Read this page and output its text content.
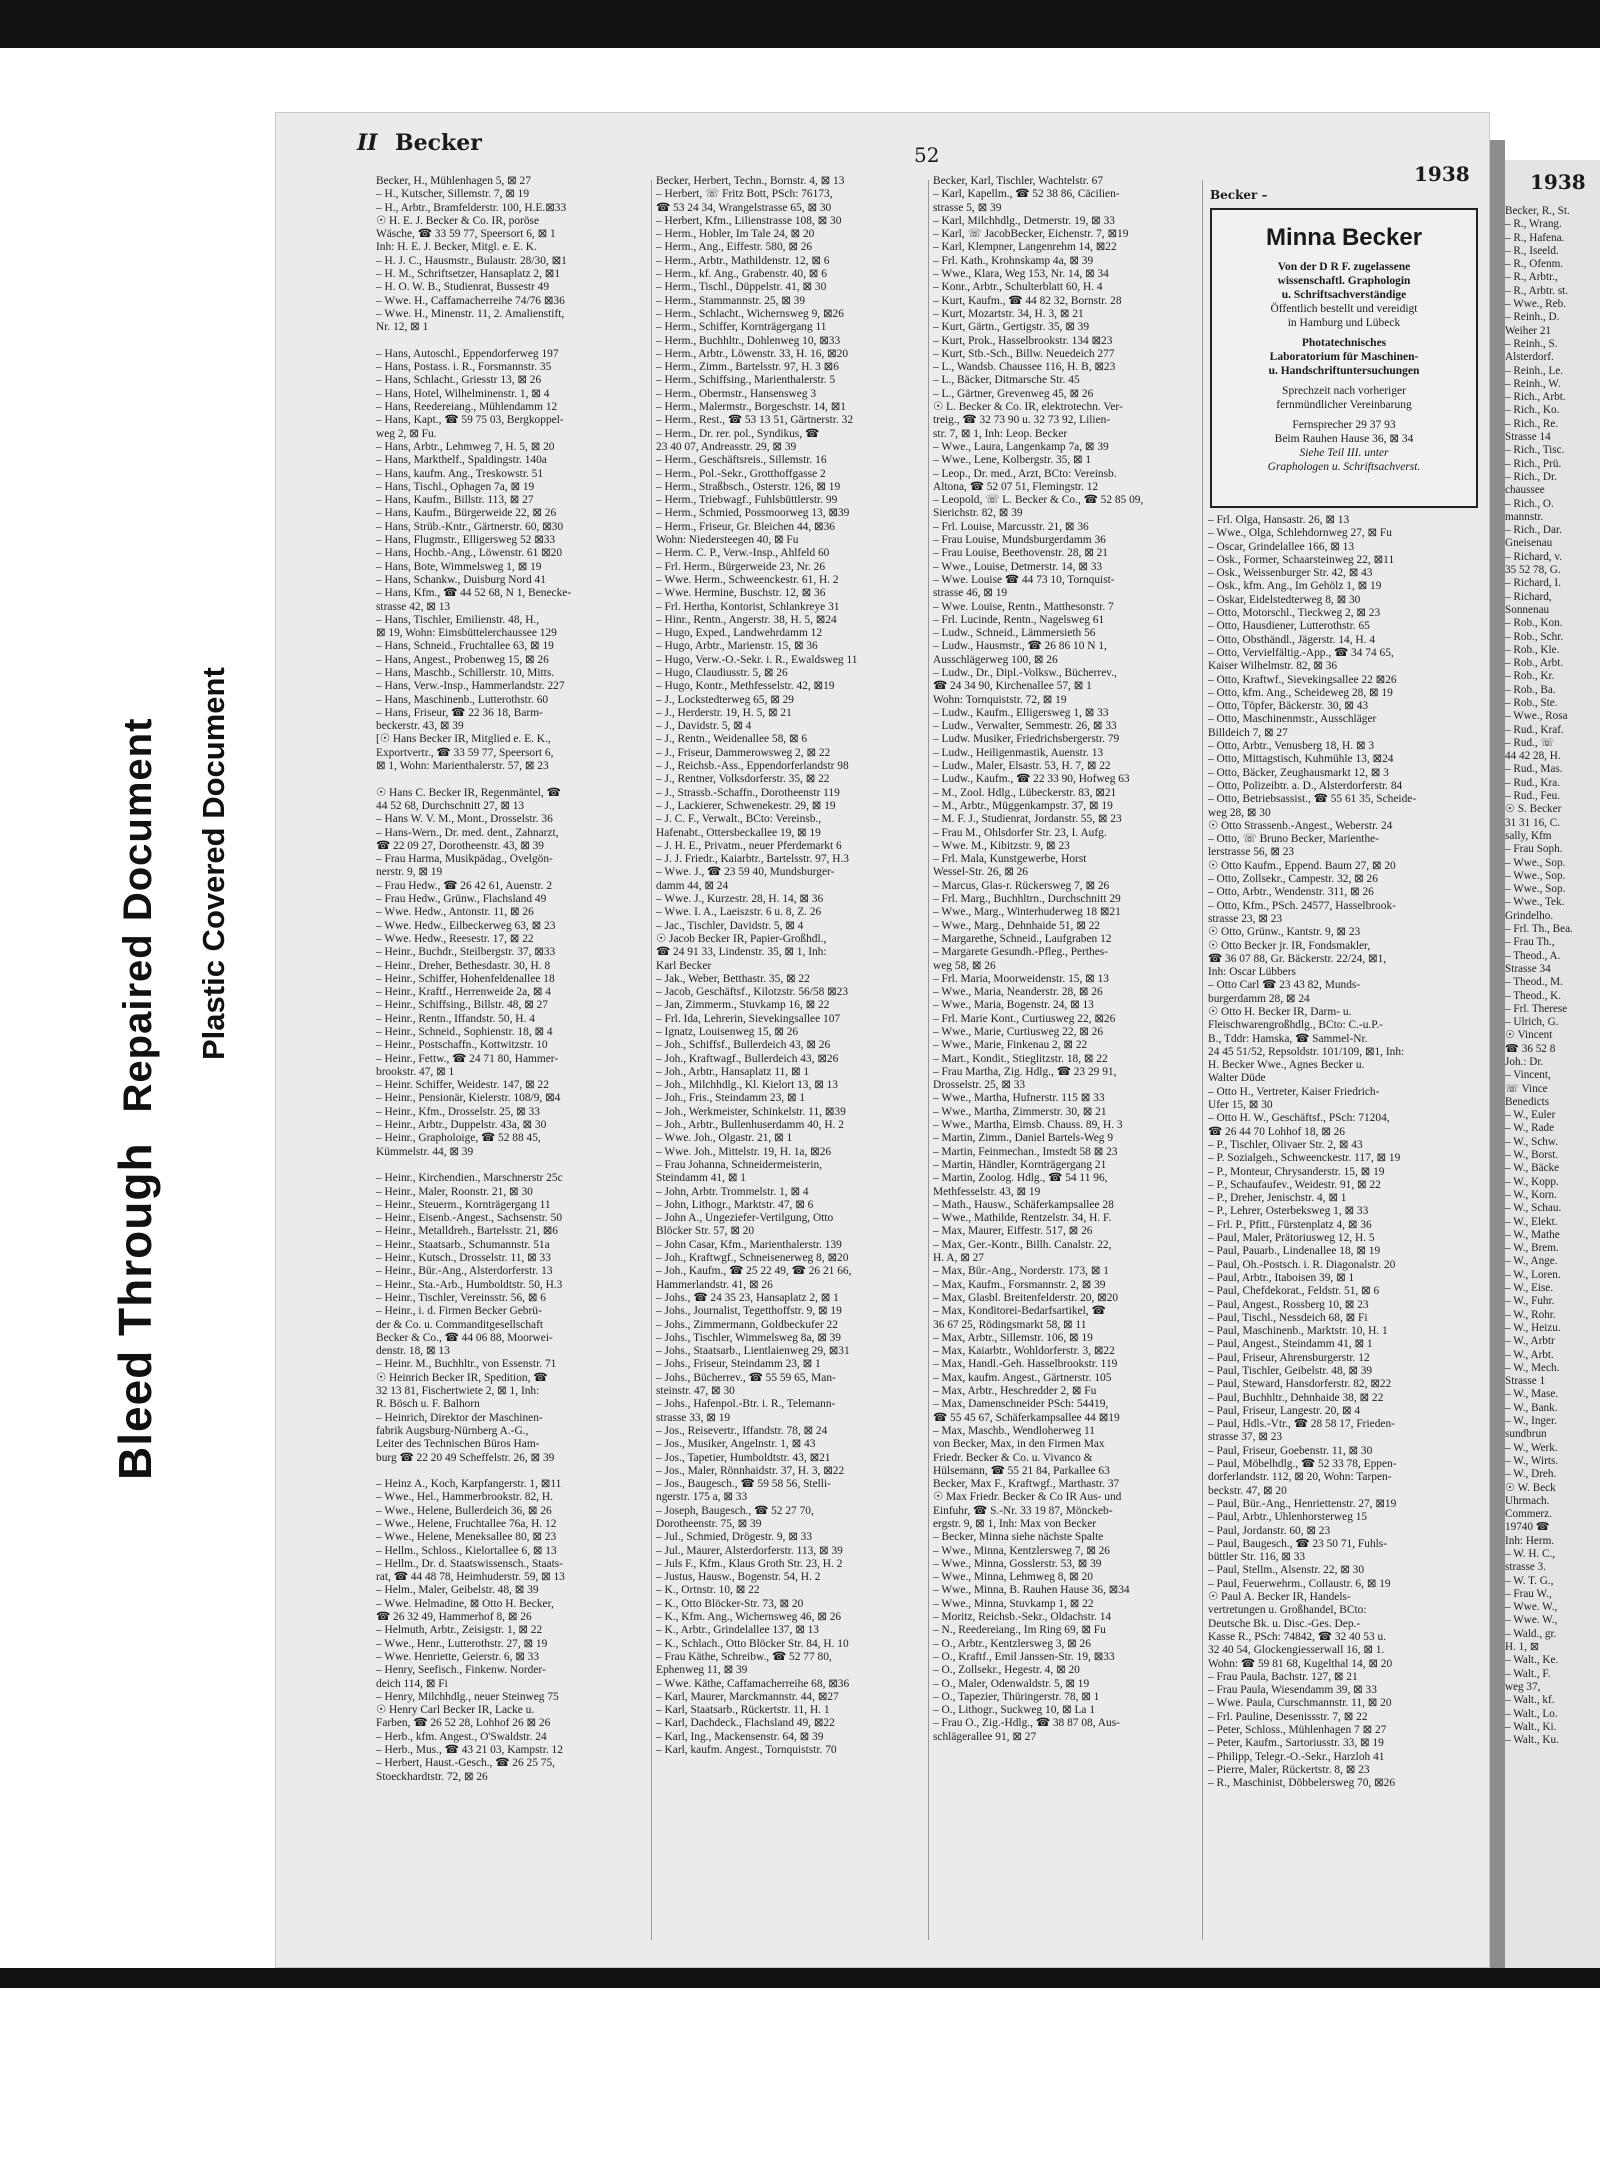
Bleed ThroughRepaired Document Plastic Covered Document
II Becker	52
1938	1938
Becker, H., Mühlenhagen 5, ⊠ 27
– H., Kutscher, Sillemstr. 7, ⊠ 19
– H., Arbtr., Bramfelderstr. 100, H.E.⊠33
☉ H. E. J. Becker & Co. IR, poröse
Wäsche, ☎ 33 59 77, Speersort 6, ⊠ 1
Inh: H. E. J. Becker, Mitgl. e. E. K.
– H. J. C., Hausmstr., Bulaustr. 28/30, ⊠1
– H. M., Schriftsetzer, Hansaplatz 2, ⊠1
– H. O. W. B., Studienrat, Bussestr 49
– Wwe. H., Caffamacherreihe 74/76 ⊠36
– Wwe. H., Minenstr. 11, 2. Amalienstift,
Nr. 12, ⊠ 1

– Hans, Autoschl., Eppendorferweg 197
– Hans, Postass. i. R., Forsmannstr. 35
– Hans, Schlacht., Griesstr 13, ⊠ 26
– Hans, Hotel, Wilhelminenstr. 1, ⊠ 4
– Hans, Reedereiang., Mühlendamm 12
– Hans, Kapt., ☎ 59 75 03, Bergkoppel-
weg 2, ⊠ Fu.
– Hans, Arbtr., Lehmweg 7, H. 5, ⊠ 20
– Hans, Markthelf., Spaldingstr. 140a
– Hans, kaufm. Ang., Treskowstr. 51
– Hans, Tischl., Ophagen 7a, ⊠ 19
– Hans, Kaufm., Billstr. 113, ⊠ 27
– Hans, Kaufm., Bürgerweide 22, ⊠ 26
– Hans, Strüb.-Kntr., Gärtnerstr. 60, ⊠30
– Hans, Flugmstr., Elligersweg 52 ⊠33
– Hans, Hochb.-Ang., Löwenstr. 61 ⊠20
– Hans, Bote, Wimmelsweg 1, ⊠ 19
– Hans, Schankw., Duisburg Nord 41
– Hans, Kfm., ☎ 44 52 68, N 1, Benecke-
strasse 42, ⊠ 13
– Hans, Tischler, Emilienstr. 48, H.,
⊠ 19, Wohn: Eimsbüttelerchaussee 129
– Hans, Schneid., Fruchtallee 63, ⊠ 19
– Hans, Angest., Probenweg 15, ⊠ 26
– Hans, Maschb., Schillerstr. 10, Mitts.
– Hans, Verw.-Insp., Hammerlandstr. 227
– Hans, Maschinenb., Lutterothstr. 60
– Hans, Friseur, ☎ 22 36 18, Barm-
beckerstr. 43, ⊠ 39
[☉ Hans Becker IR, Mitglied e. E. K.,
Exportvertr., ☎ 33 59 77, Speersort 6,
⊠ 1, Wohn: Marienthalerstr. 57, ⊠ 23

☉ Hans C. Becker IR, Regenmäntel, ☎
44 52 68, Durchschnitt 27, ⊠ 13
– Hans W. V. M., Mont., Drosselstr. 36
– Hans-Wern., Dr. med. dent., Zahnarzt,
☎ 22 09 27, Dorotheenstr. 43, ⊠ 39
– Frau Harma, Musikpädag., Övelgön-
nerstr. 9, ⊠ 19
– Frau Hedw., ☎ 26 42 61, Auenstr. 2
– Frau Hedw., Grünw., Flachsland 49
– Wwe. Hedw., Antonstr. 11, ⊠ 26
– Wwe. Hedw., Eilbeckerweg 63, ⊠ 23
– Wwe. Hedw., Reesestr. 17, ⊠ 22
– Heinr., Buchdr., Steilbergstr. 37, ⊠33
– Heinr., Dreher, Bethesdastr. 30, H. 8
– Heinr., Schiffer, Hohenfeldenallee 18
– Heinr., Kraftf., Herrenweide 2a, ⊠ 4
– Heinr., Schiffsing., Billstr. 48, ⊠ 27
– Heinr., Rentn., Iffandstr. 50, H. 4
– Heinr., Schneid., Sophienstr. 18, ⊠ 4
– Heinr., Postschaffn., Kottwitzstr. 10
– Heinr., Fettw., ☎ 24 71 80, Hammer-
brookstr. 47, ⊠ 1
– Heinr. Schiffer, Weidestr. 147, ⊠ 22
– Heinr., Pensionär, Kielerstr. 108/9, ⊠4
– Heinr., Kfm., Drosselstr. 25, ⊠ 33
– Heinr., Arbtr., Duppelstr. 43a, ⊠ 30
– Heinr., Grapholoige, ☎ 52 88 45,
Kümmelstr. 44, ⊠ 39

– Heinr., Kirchendien., Marschnerstr 25c
– Heinr., Maler, Roonstr. 21, ⊠ 30
– Heinr., Steuerm., Kornträgergang 11
– Heinr., Eisenb.-Angest., Sachsenstr. 50
– Heinr., Metalldreh., Bartelsstr. 21, ⊠6
– Heinr., Staatsarb., Schumannstr. 51a
– Heinr., Kutsch., Drosselstr. 11, ⊠ 33
– Heinr., Bür.-Ang., Alsterdorferstr. 13
– Heinr., Sta.-Arb., Humboldtstr. 50, H.3
– Heinr., Tischler, Vereinsstr. 56, ⊠ 6
– Heinr., i. d. Firmen Becker Gebrü-
der & Co. u. Commanditgesellschaft
Becker & Co., ☎ 44 06 88, Moorwei-
denstr. 18, ⊠ 13
– Heinr. M., Buchhltr., von Essenstr. 71
☉ Heinrich Becker IR, Spedition, ☎
32 13 81, Fischertwiete 2, ⊠ 1, Inh:
R. Bösch u. F. Balhorn
– Heinrich, Direktor der Maschinen-
fabrik Augsburg-Nürnberg A.-G.,
Leiter des Technischen Büros Ham-
burg ☎ 22 20 49 Scheffelstr. 26, ⊠ 39

– Heinz A., Koch, Karpfangerstr. 1, ⊠11
– Wwe., Hel., Hammerbrookstr. 82, H.
– Wwe., Helene, Bullerdeich 36, ⊠ 26
– Wwe., Helene, Fruchtallee 76a, H. 12
– Wwe., Helene, Meneksallee 80, ⊠ 23
– Hellm., Schloss., Kielortallee 6, ⊠ 13
– Hellm., Dr. d. Staatswissensch., Staats-
rat, ☎ 44 48 78, Heimhuderstr. 59, ⊠ 13
– Helm., Maler, Geibelstr. 48, ⊠ 39
– Wwe. Helmadine, ⊠ Otto H. Becker,
☎ 26 32 49, Hammerhof 8, ⊠ 26
– Helmuth, Arbtr., Zeisigstr. 1, ⊠ 22
– Wwe., Henr., Lutterothstr. 27, ⊠ 19
– Wwe. Henriette, Geierstr. 6, ⊠ 33
– Henry, Seefisch., Finkenw. Norder-
deich 114, ⊠ Fi
– Henry, Milchhdlg., neuer Steinweg 75
☉ Henry Carl Becker IR, Lacke u.
Farben, ☎ 26 52 28, Lohhof 26 ⊠ 26
– Herb., kfm. Angest., O'Swaldstr. 24
– Herb., Mus., ☎ 43 21 03, Kampstr. 12
– Herbert, Haust.-Gesch., ☎ 26 25 75,
Stoeckhardtstr. 72, ⊠ 26
Becker, Herbert, Techn., Bornstr. 4, ⊠ 13
– Herbert, ☏ Fritz Bott, PSch: 76173,
☎ 53 24 34, Wrangelstrasse 65, ⊠ 30
– Herbert, Kfm., Lilienstrasse 108, ⊠ 30
– Herm., Hobler, Im Tale 24, ⊠ 20
– Herm., Ang., Eiffestr. 580, ⊠ 26
– Herm., Arbtr., Mathildenstr. 12, ⊠ 6
– Herm., kf. Ang., Grabenstr. 40, ⊠ 6
– Herm., Tischl., Düppelstr. 41, ⊠ 30
– Herm., Stammannstr. 25, ⊠ 39
– Herm., Schlacht., Wichernsweg 9, ⊠26
– Herm., Schiffer, Kornträgergang 11
– Herm., Buchhltr., Dohlenweg 10, ⊠33
– Herm., Arbtr., Löwenstr. 33, H. 16, ⊠20
– Herm., Zimm., Bartelsstr. 97, H. 3 ⊠6
– Herm., Schiffsing., Marienthalerstr. 5
– Herm., Obermstr., Hansensweg 3
– Herm., Malermstr., Borgeschstr. 14, ⊠1
– Herm., Rest., ☎ 53 13 51, Gärtnerstr. 32
– Herm., Dr. rer. pol., Syndikus, ☎
23 40 07, Andreasstr. 29, ⊠ 39
– Herm., Geschäftsreis., Sillemstr. 16
– Herm., Pol.-Sekr., Grotthoffgasse 2
– Herm., Straßbsch., Osterstr. 126, ⊠ 19
– Herm., Triebwagf., Fuhlsbüttlerstr. 99
– Herm., Schmied, Possmoorweg 13, ⊠39
– Herm., Friseur, Gr. Bleichen 44, ⊠36
Wohn: Niedersteegen 40, ⊠ Fu
– Herm. C. P., Verw.-Insp., Ahlfeld 60
– Frl. Herm., Bürgerweide 23, Nr. 26
– Wwe. Herm., Schweenckestr. 61, H. 2
– Wwe. Hermine, Buschstr. 12, ⊠ 36
– Frl. Hertha, Kontorist, Schlankreye 31
– Hinr., Rentn., Angerstr. 38, H. 5, ⊠24
– Hugo, Exped., Landwehrdamm 12
– Hugo, Arbtr., Marienstr. 15, ⊠ 36
– Hugo, Verw.-O.-Sekr. i. R., Ewaldsweg 11
– Hugo, Claudiusstr. 5, ⊠ 26
– Hugo, Kontr., Methfesselstr. 42, ⊠19
– J., Lockstedterweg 65, ⊠ 29
– J., Herderstr. 19, H. 5, ⊠ 21
– J., Davidstr. 5, ⊠ 4
– J., Rentn., Weidenallee 58, ⊠ 6
– J., Friseur, Dammerowsweg 2, ⊠ 22
– J., Reichsb.-Ass., Eppendorferlandstr 98
– J., Rentner, Volksdorferstr. 35, ⊠ 22
– J., Strassb.-Schaffn., Dorotheenstr 119
– J., Lackierer, Schwenekestr. 29, ⊠ 19
– J. C. F., Verwalt., BCto: Vereinsb.,
Hafenabt., Ottersbeckallee 19, ⊠ 19
– J. H. E., Privatm., neuer Pferdemarkt 6
– J. J. Friedr., Kaiarbtr., Bartelsstr. 97, H.3
– Wwe. J., ☎ 23 59 40, Mundsburger-
damm 44, ⊠ 24
– Wwe. J., Kurzestr. 28, H. 14, ⊠ 36
– Wwe. I. A., Laeiszstr. 6 u. 8, Z. 26
– Jac., Tischler, Davidstr. 5, ⊠ 4
☉ Jacob Becker IR, Papier-Großhdl.,
☎ 24 91 33, Lindenstr. 35, ⊠ 1, Inh:
Karl Becker
– Jak., Weber, Betthastr. 35, ⊠ 22
– Jacob, Geschäftsf., Kilotzstr. 56/58 ⊠23
– Jan, Zimmerm., Stuvkamp 16, ⊠ 22
– Frl. Ida, Lehrerin, Sievekingsallee 107
– Ignatz, Louisenweg 15, ⊠ 26
– Joh., Schiffsf., Bullerdeich 43, ⊠ 26
– Joh., Kraftwagf., Bullerdeich 43, ⊠26
– Joh., Arbtr., Hansaplatz 11, ⊠ 1
– Joh., Milchhdlg., Kl. Kielort 13, ⊠ 13
– Joh., Fris., Steindamm 23, ⊠ 1
– Joh., Werkmeister, Schinkelstr. 11, ⊠39
– Joh., Arbtr., Bullenhuserdamm 40, H. 2
– Wwe. Joh., Olgastr. 21, ⊠ 1
– Wwe. Joh., Mittelstr. 19, H. 1a, ⊠26
– Frau Johanna, Schneidermeisterin,
Steindamm 41, ⊠ 1
– John, Arbtr. Trommelstr. 1, ⊠ 4
– John, Lithogr., Marktstr. 47, ⊠ 6
– John A., Ungeziefer-Vertilgung, Otto
Blöcker Str. 57, ⊠ 20
– John Casar, Kfm., Marienthalerstr. 139
– Joh., Kraftwgf., Schneisenerweg 8, ⊠20
– Joh., Kaufm., ☎ 25 22 49, ☎ 26 21 66,
Hammerlandstr. 41, ⊠ 26
– Johs., ☎ 24 35 23, Hansaplatz 2, ⊠ 1
– Johs., Journalist, Tegetthoffstr. 9, ⊠ 19
– Johs., Zimmermann, Goldbeckufer 22
– Johs., Tischler, Wimmelsweg 8a, ⊠ 39
– Johs., Staatsarb., Lientlaienweg 29, ⊠31
– Johs., Friseur, Steindamm 23, ⊠ 1
– Johs., Bücherrev., ☎ 55 59 65, Man-
steinstr. 47, ⊠ 30
– Johs., Hafenpol.-Btr. i. R., Telemann-
strasse 33, ⊠ 19
– Jos., Reisevertr., Iffandstr. 78, ⊠ 24
– Jos., Musiker, Angelnstr. 1, ⊠ 43
– Jos., Tapetier, Humboldtstr. 43, ⊠21
– Jos., Maler, Rönnhaidstr. 37, H. 3, ⊠22
– Jos., Baugesch., ☎ 59 58 56, Stelli-
ngerstr. 175 a, ⊠ 33
– Joseph, Baugesch., ☎ 52 27 70,
Dorotheenstr. 75, ⊠ 39
– Jul., Schmied, Drögestr. 9, ⊠ 33
– Jul., Maurer, Alsterdorferstr. 113, ⊠ 39
– Juls F., Kfm., Klaus Groth Str. 23, H. 2
– Justus, Hausw., Bogenstr. 54, H. 2
– K., Ortnstr. 10, ⊠ 22
– K., Otto Blöcker-Str. 73, ⊠ 20
– K., Kfm. Ang., Wichernsweg 46, ⊠ 26
– K., Arbtr., Grindelallee 137, ⊠ 13
– K., Schlach., Otto Blöcker Str. 84, H. 10
– Frau Käthe, Schreibw., ☎ 52 77 80,
Ephenweg 11, ⊠ 39
– Wwe. Käthe, Caffamacherreihe 68, ⊠36
– Karl, Maurer, Marckmannstr. 44, ⊠27
– Karl, Staatsarb., Rückertstr. 11, H. 1
– Karl, Dachdeck., Flachsland 49, ⊠22
– Karl, Ing., Mackensenstr. 64, ⊠ 39
– Karl, kaufm. Angest., Tornquiststr. 70
Becker, Karl, Tischler, Wachtelstr. 67
– Karl, Kapellm., ☎ 52 38 86, Cäcilien-
strasse 5, ⊠ 39
– Karl, Milchhdlg., Detmerstr. 19, ⊠ 33
– Karl, ☏ JacobBecker, Eichenstr. 7, ⊠19
– Karl, Klempner, Langenrehm 14, ⊠22
– Frl. Kath., Krohnskamp 4a, ⊠ 39
– Wwe., Klara, Weg 153, Nr. 14, ⊠ 34
– Konr., Arbtr., Schulterblatt 60, H. 4
– Kurt, Kaufm., ☎ 44 82 32, Bornstr. 28
– Kurt, Mozartstr. 34, H. 3, ⊠ 21
– Kurt, Gärtn., Gertigstr. 35, ⊠ 39
– Kurt, Prok., Hasselbrookstr. 134 ⊠23
– Kurt, Stb.-Sch., Billw. Neuedeich 277
– L., Wandsb. Chaussee 116, H. B, ⊠23
– L., Bäcker, Ditmarsche Str. 45
– L., Gärtner, Grevenweg 45, ⊠ 26
☉ L. Becker & Co. IR, elektrotechn. Ver-
treig., ☎ 32 73 90 u. 32 73 92, Lilien-
str. 7, ⊠ 1, Inh: Leop. Becker
– Wwe., Laura, Langenkamp 7a, ⊠ 39
– Wwe., Lene, Kolbergstr. 35, ⊠ 1
– Leop., Dr. med., Arzt, BCto: Vereinsb.
Altona, ☎ 52 07 51, Flemingstr. 12
– Leopold, ☏ L. Becker & Co., ☎ 52 85 09,
Sierichstr. 82, ⊠ 39
– Frl. Louise, Marcusstr. 21, ⊠ 36
– Frau Louise, Mundsburgerdamm 36
– Frau Louise, Beethovenstr. 28, ⊠ 21
– Wwe., Louise, Detmerstr. 14, ⊠ 33
– Wwe. Louise ☎ 44 73 10, Tornquist-
strasse 46, ⊠ 19
– Wwe. Louise, Rentn., Matthesonstr. 7
– Frl. Lucinde, Rentn., Nagelsweg 61
– Ludw., Schneid., Lämmersieth 56
– Ludw., Hausmstr., ☎ 26 86 10 N 1,
Ausschlägerweg 100, ⊠ 26
– Ludw., Dr., Dipl.-Volksw., Bücherrev.,
☎ 24 34 90, Kirchenallee 57, ⊠ 1
Wohn: Tornquiststr. 72, ⊠ 19
– Ludw., Kaufm., Elligersweg 1, ⊠ 33
– Ludw., Verwalter, Semmestr. 26, ⊠ 33
– Ludw. Musiker, Friedrichsbergerstr. 79
– Ludw., Heiligenmastik, Auenstr. 13
– Ludw., Maler, Elsastr. 53, H. 7, ⊠ 22
– Ludw., Kaufm., ☎ 22 33 90, Hofweg 63
– M., Zool. Hdlg., Lübeckerstr. 83, ⊠21
– M., Arbtr., Müggenkampstr. 37, ⊠ 19
– M. F. J., Studienrat, Jordanstr. 55, ⊠ 23
– Frau M., Ohlsdorfer Str. 23, I. Aufg.
– Wwe. M., Kibitzstr. 9, ⊠ 23
– Frl. Mala, Kunstgewerbe, Horst
Wessel-Str. 26, ⊠ 26
– Marcus, Glas-r. Rückersweg 7, ⊠ 26
– Frl. Marg., Buchhltrn., Durchschnitt 29
– Wwe., Marg., Winterhuderweg 18 ⊠21
– Wwe., Marg., Dehnhaide 51, ⊠ 22
– Margarethe, Schneid., Laufgraben 12
– Margarete Gesundh.-Pfleg., Perthes-
weg 58, ⊠ 26
– Frl. Maria, Moorweidenstr. 15, ⊠ 13
– Wwe., Maria, Neanderstr. 28, ⊠ 26
– Wwe., Maria, Bogenstr. 24, ⊠ 13
– Frl. Marie Kont., Curtiusweg 22, ⊠26
– Wwe., Marie, Curtiusweg 22, ⊠ 26
– Wwe., Marie, Finkenau 2, ⊠ 22
– Mart., Kondit., Stieglitzstr. 18, ⊠ 22
– Frau Martha, Zig. Hdlg., ☎ 23 29 91,
Drosselstr. 25, ⊠ 33
– Wwe., Martha, Hufnerstr. 115 ⊠ 33
– Wwe., Martha, Zimmerstr. 30, ⊠ 21
– Wwe., Martha, Eimsb. Chauss. 89, H. 3
– Martin, Zimm., Daniel Bartels-Weg 9
– Martin, Feinmechan., Imstedt 58 ⊠ 23
– Martin, Händler, Kornträgergang 21
– Martin, Zoolog. Hdlg., ☎ 54 11 96,
Methfesselstr. 43, ⊠ 19
– Math., Hausw., Schäferkampsallee 28
– Wwe., Mathilde, Rentzelstr. 34, H. F.
– Max, Maurer, Eiffestr. 517, ⊠ 26
– Max, Ger.-Kontr., Billh. Canalstr. 22,
H. A, ⊠ 27
– Max, Bür.-Ang., Norderstr. 173, ⊠ 1
– Max, Kaufm., Forsmannstr. 2, ⊠ 39
– Max, Glasbl. Breitenfelderstr. 20, ⊠20
– Max, Konditorei-Bedarfsartikel, ☎
36 67 25, Rödingsmarkt 58, ⊠ 11
– Max, Arbtr., Sillemstr. 106, ⊠ 19
– Max, Kaiarbtr., Wohldorferstr. 3, ⊠22
– Max, Handl.-Geh. Hasselbrookstr. 119
– Max, kaufm. Angest., Gärtnerstr. 105
– Max, Arbtr., Heschredder 2, ⊠ Fu
– Max, Damenschneider PSch: 54419,
☎ 55 45 67, Schäferkampsallee 44 ⊠19
– Max, Maschb., Wendloherweg 11
von Becker, Max, in den Firmen Max
Friedr. Becker & Co. u. Vivanco &
Hülsemann, ☎ 55 21 84, Parkallee 63
Becker, Max F., Kraftwgf., Marthastr. 37
☉ Max Friedr. Becker & Co IR Aus- und
Einfuhr, ☎ S.-Nr. 33 19 87, Mönckeb-
ergstr. 9, ⊠ 1, Inh: Max von Becker
– Becker, Minna siehe nächste Spalte
– Wwe., Minna, Kentzlersweg 7, ⊠ 26
– Wwe., Minna, Gosslerstr. 53, ⊠ 39
– Wwe., Minna, Lehmweg 8, ⊠ 20
– Wwe., Minna, B. Rauhen Hause 36, ⊠34
– Wwe., Minna, Stuvkamp 1, ⊠ 22
– Moritz, Reichsb.-Sekr., Oldachstr. 14
– N., Reedereiang., Im Ring 69, ⊠ Fu
– O., Arbtr., Kentzlersweg 3, ⊠ 26
– O., Kraftf., Emil Janssen-Str. 19, ⊠33
– O., Zollsekr., Hegestr. 4, ⊠ 20
– O., Maler, Odenwaldstr. 5, ⊠ 19
– O., Tapezier, Thüringerstr. 78, ⊠ 1
– O., Lithogr., Suckweg 10, ⊠ La 1
– Frau O., Zig.-Hdlg., ☎ 38 87 08, Aus-
schlägerallee 91, ⊠ 27
Becker –
Minna Becker
Von der D R F. zugelassene
wissenschaftl. Graphologin
u. Schriftsachverständige
Öffentlich bestellt und vereidigt
in Hamburg und Lübeck
Photatechnisches
Laboratorium für Maschinen-
u. Handschriftuntersuchungen
Sprechzeit nach vorheriger
fernmündlicher Vereinbarung
Fernsprecher 29 37 93
Beim Rauhen Hause 36, ⊠ 34
Siehe Teil III. unter
Graphologen u. Schriftsachverst.
– Frl. Olga, Hansastr. 26, ⊠ 13
– Wwe., Olga, Schlehdornweg 27, ⊠ Fu
– Oscar, Grindelallee 166, ⊠ 13
– Osk., Former, Schaarsteinweg 22, ⊠11
– Osk., Weissenburger Str. 42, ⊠ 43
– Osk., kfm. Ang., Im Gehölz 1, ⊠ 19
– Oskar, Eidelstedterweg 8, ⊠ 30
– Otto, Motorschl., Tieckweg 2, ⊠ 23
– Otto, Hausdiener, Lutterothstr. 65
– Otto, Obsthändl., Jägerstr. 14, H. 4
– Otto, Vervielfältig.-App., ☎ 34 74 65,
Kaiser Wilhelmstr. 82, ⊠ 36
– Otto, Kraftwf., Sievekingsallee 22 ⊠26
– Otto, kfm. Ang., Scheideweg 28, ⊠ 19
– Otto, Töpfer, Bäckerstr. 30, ⊠ 43
– Otto, Maschinenmstr., Ausschläger
Billdeich 7, ⊠ 27
– Otto, Arbtr., Venusberg 18, H. ⊠ 3
– Otto, Mittagstisch, Kuhmühle 13, ⊠24
– Otto, Bäcker, Zeughausmarkt 12, ⊠ 3
– Otto, Polizeibtr. a. D., Alsterdorferstr. 84
– Otto, Betriebsassist., ☎ 55 61 35, Scheide-
weg 28, ⊠ 30
☉ Otto Strassenb.-Angest., Weberstr. 24
– Otto, ☏ Bruno Becker, Marienthe-
lerstrasse 56, ⊠ 23
☉ Otto Kaufm., Eppend. Baum 27, ⊠ 20
– Otto, Zollsekr., Campestr. 32, ⊠ 26
– Otto, Arbtr., Wendenstr. 311, ⊠ 26
– Otto, Kfm., PSch. 24577, Hasselbrook-
strasse 23, ⊠ 23
☉ Otto, Grünw., Kantstr. 9, ⊠ 23
☉ Otto Becker jr. IR, Fondsmakler,
☎ 36 07 88, Gr. Bäckerstr. 22/24, ⊠1,
Inh: Oscar Lübbers
– Otto Carl ☎ 23 43 82, Munds-
burgerdamm 28, ⊠ 24
☉ Otto H. Becker IR, Darm- u.
Fleischwarengroßhdlg., BCto: C.-u.P.-
B., Tddr: Hamska, ☎ Sammel-Nr.
24 45 51/52, Repsoldstr. 101/109, ⊠1, Inh:
H. Becker Wwe., Agnes Becker u.
Walter Düde
– Otto H., Vertreter, Kaiser Friedrich-
Ufer 15, ⊠ 30
– Otto H. W., Geschäftsf., PSch: 71204,
☎ 26 44 70 Lohhof 18, ⊠ 26
– P., Tischler, Olivaer Str. 2, ⊠ 43
– P. Sozialgeh., Schweenckestr. 117, ⊠ 19
– P., Monteur, Chrysanderstr. 15, ⊠ 19
– P., Schaufaufev., Weidestr. 91, ⊠ 22
– P., Dreher, Jenischstr. 4, ⊠ 1
– P., Lehrer, Osterbeksweg 1, ⊠ 33
– Frl. P., Pfitt., Fürstenplatz 4, ⊠ 36
– Paul, Maler, Prätoriusweg 12, H. 5
– Paul, Pauarb., Lindenallee 18, ⊠ 19
– Paul, Oh.-Postsch. i. R. Diagonalstr. 20
– Paul, Arbtr., Itaboisen 39, ⊠ 1
– Paul, Chefdekorat., Feldstr. 51, ⊠ 6
– Paul, Angest., Rossberg 10, ⊠ 23
– Paul, Tischl., Nessdeich 68, ⊠ Fi
– Paul, Maschinenb., Marktstr. 10, H. 1
– Paul, Angest., Steindamm 41, ⊠ 1
– Paul, Friseur, Ahrensburgerstr. 12
– Paul, Tischler, Geibelstr. 48, ⊠ 39
– Paul, Steward, Hansdorferstr. 82, ⊠22
– Paul, Buchhltr., Dehnhaide 38, ⊠ 22
– Paul, Friseur, Langestr. 20, ⊠ 4
– Paul, Hdls.-Vtr., ☎ 28 58 17, Frieden-
strasse 37, ⊠ 23
– Paul, Friseur, Goebenstr. 11, ⊠ 30
– Paul, Möbelhdlg., ☎ 52 33 78, Eppen-
dorferlandstr. 112, ⊠ 20, Wohn: Tarpen-
beckstr. 47, ⊠ 20
– Paul, Bür.-Ang., Henriettenstr. 27, ⊠19
– Paul, Arbtr., Uhlenhorsterweg 15
– Paul, Jordanstr. 60, ⊠ 23
– Paul, Baugesch., ☎ 23 50 71, Fuhls-
büttler Str. 116, ⊠ 33
– Paul, Stellm., Alsenstr. 22, ⊠ 30
– Paul, Feuerwehrm., Collaustr. 6, ⊠ 19
☉ Paul A. Becker IR, Handels-
vertretungen u. Großhandel, BCto:
Deutsche Bk. u. Disc.-Ges. Dep.-
Kasse R., PSch: 74842, ☎ 32 40 53 u.
32 40 54, Glockengiesserwall 16, ⊠ 1.
Wohn: ☎ 59 81 68, Kugelthal 14, ⊠ 20
– Frau Paula, Bachstr. 127, ⊠ 21
– Frau Paula, Wiesendamm 39, ⊠ 33
– Wwe. Paula, Curschmannstr. 11, ⊠ 20
– Frl. Pauline, Desenissstr. 7, ⊠ 22
– Peter, Schloss., Mühlenhagen 7 ⊠ 27
– Peter, Kaufm., Sartoriusstr. 33, ⊠ 19
– Philipp, Telegr.-O.-Sekr., Harzloh 41
– Pierre, Maler, Rückertstr. 8, ⊠ 23
– R., Maschinist, Döbbelersweg 70, ⊠26
Becker, R., St.
– R., Wrang.
– R., Hafena.
– R., Iseeld.
– R., Ofenm.
– R., Arbtr.,
– R., Arbtr. st.
– Wwe., Reb.
– Reinh., D.
Weiher 21
– Reinh., S.
Alsterdorf.
– Reinh., Le.
– Reinh., W.
– Rich., Arbt.
– Rich., Ko.
– Rich., Re.
Strasse 14
– Rich., Tisc.
– Rich., Prü.
– Rich., Dr.
chaussee
– Rich., O.
mannstr.
– Rich., Dar.
Gneisenau
– Richard, v.
35 52 78, G.
– Richard, I.
– Richard,
Sonnenau
– Rob., Kon.
– Rob., Schr.
– Rob., Kle.
– Rob., Arbt.
– Rob., Kr.
– Rob., Ba.
– Rob., Ste.
– Wwe., Rosa
– Rud., Kraf.
– Rud., ☏
44 42 28, H.
– Rud., Mas.
– Rud., Kra.
– Rud., Feu.
☉ S. Becker
31 31 16, C.
sally, Kfm
– Frau Soph.
– Wwe., Sop.
– Wwe., Sop.
– Wwe., Sop.
– Wwe., Tek.
Grindelho.
– Frl. Th., Bea.
– Frau Th.,
– Theod., A.
Strasse 34
– Theod., M.
– Theod., K.
– Frl. Therese
– Ulrich, G.
☉ Vincent
☎ 36 52 8
Joh.: Dr.
– Vincent,
☏ Vince
Benedicts
– W., Euler
– W., Rade
– W., Schw.
– W., Borst.
– W., Bäcke
– W., Kopp.
– W., Korn.
– W., Schau.
– W., Elekt.
– W., Mathe
– W., Brem.
– W., Ange.
– W., Loren.
– W., Eise.
– W., Fuhr.
– W., Rohr.
– W., Heizu.
– W., Arbtr
– W., Arbt.
– W., Mech.
Strasse 1
– W., Mase.
– W., Bank.
– W., Inger.
sundbrun
– W., Werk.
– W., Wirts.
– W., Dreh.
☉ W. Beck
Uhrmach.
Commerz.
19740 ☎
Inh: Herm.
– W. H. C.,
strasse 3.
– W. T. G.,
– Frau W.,
– Wwe. W.,
– Wwe. W.,
– Wald., gr.
H. 1, ⊠
– Walt., Ke.
– Walt., F.
weg 37,
– Walt., kf.
– Walt., Lo.
– Walt., Ki.
– Walt., Ku.
